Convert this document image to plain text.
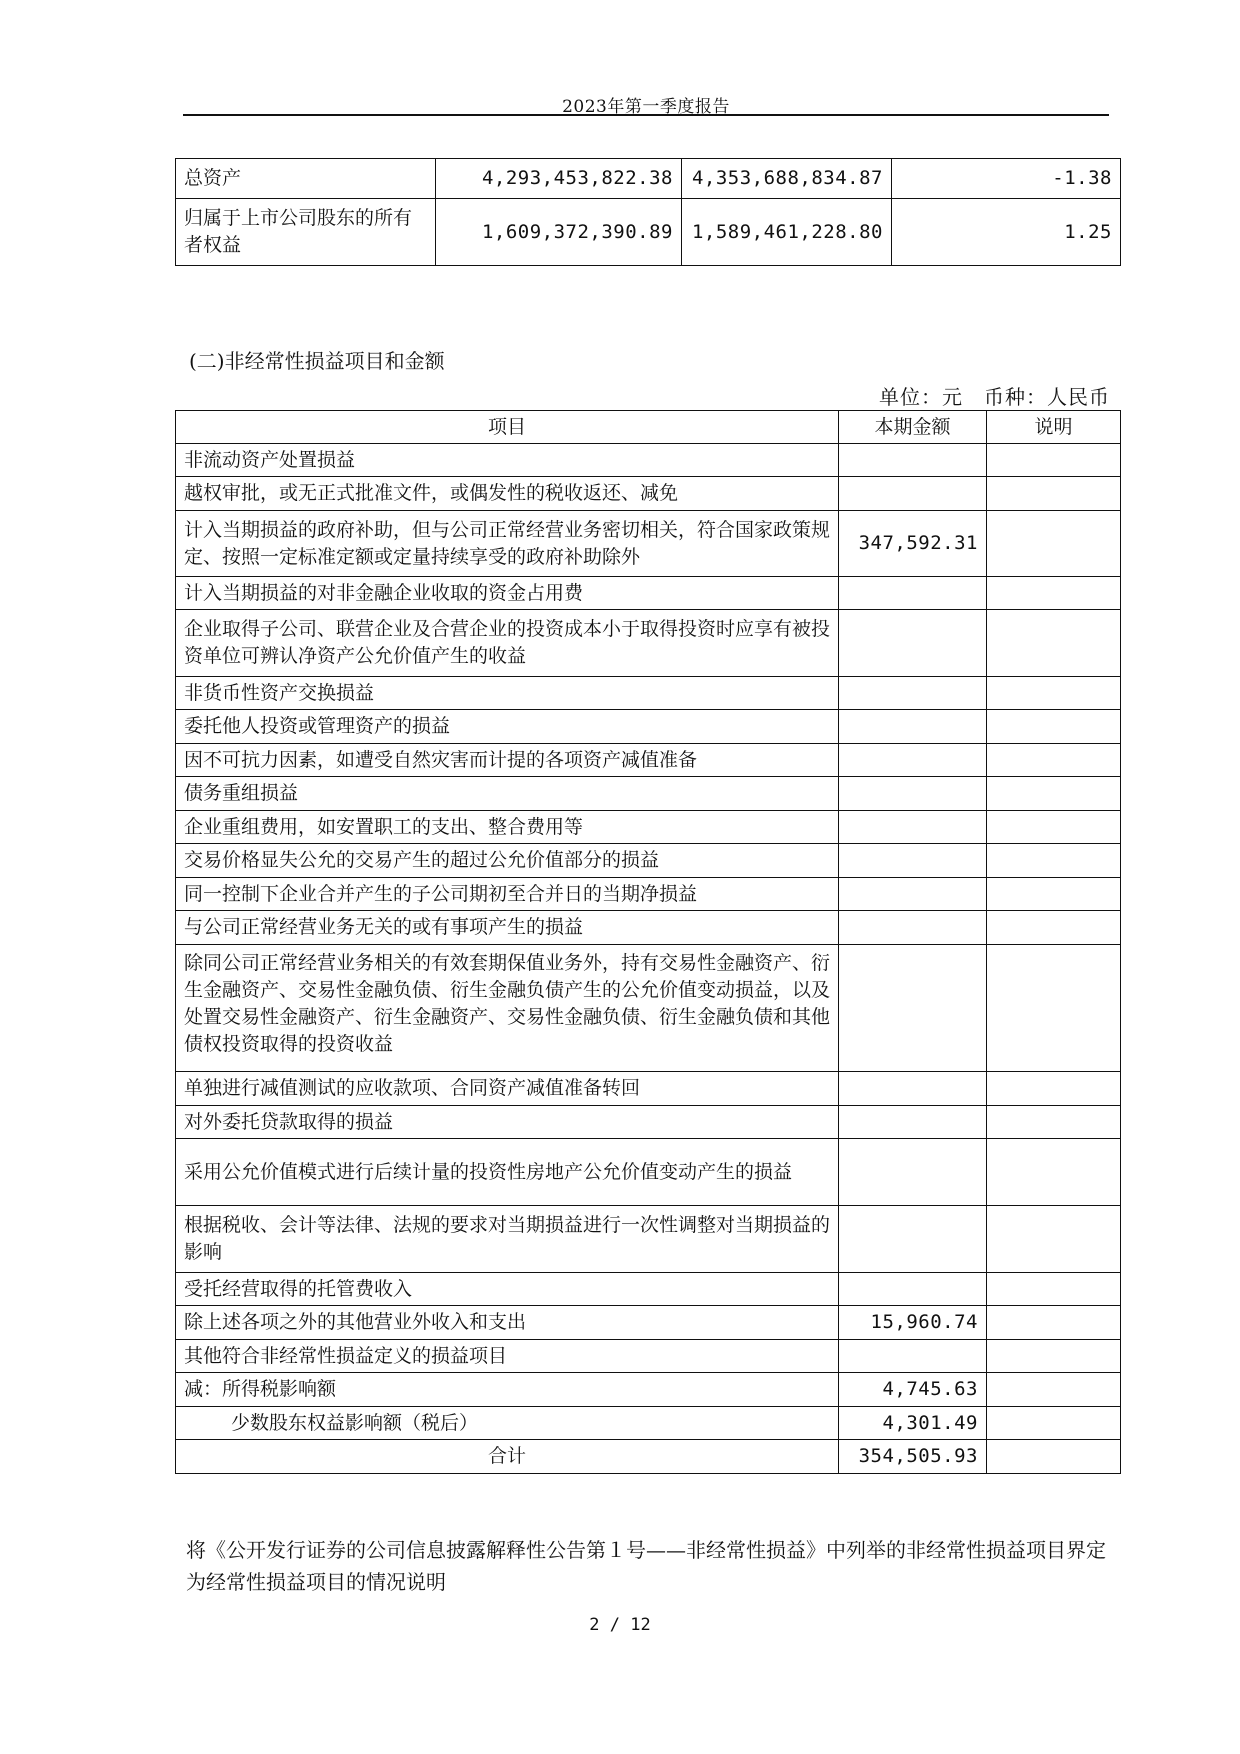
2023年第一季度报告
总资产	4,293,453,822.38	4,353,688,834.87	-1.38
归属于上市公司股东的所有者权益	1,609,372,390.89	1,589,461,228.80	1.25
(二)非经常性损益项目和金额
单位：元　币种：人民币
项目	本期金额	说明
非流动资产处置损益		
越权审批，或无正式批准文件，或偶发性的税收返还、减免		
计入当期损益的政府补助，但与公司正常经营业务密切相关，符合国家政策规定、按照一定标准定额或定量持续享受的政府补助除外	347,592.31	
计入当期损益的对非金融企业收取的资金占用费		
企业取得子公司、联营企业及合营企业的投资成本小于取得投资时应享有被投资单位可辨认净资产公允价值产生的收益		
非货币性资产交换损益		
委托他人投资或管理资产的损益		
因不可抗力因素，如遭受自然灾害而计提的各项资产减值准备		
债务重组损益		
企业重组费用，如安置职工的支出、整合费用等		
交易价格显失公允的交易产生的超过公允价值部分的损益		
同一控制下企业合并产生的子公司期初至合并日的当期净损益		
与公司正常经营业务无关的或有事项产生的损益		
除同公司正常经营业务相关的有效套期保值业务外，持有交易性金融资产、衍生金融资产、交易性金融负债、衍生金融负债产生的公允价值变动损益，以及处置交易性金融资产、衍生金融资产、交易性金融负债、衍生金融负债和其他债权投资取得的投资收益		
单独进行减值测试的应收款项、合同资产减值准备转回		
对外委托贷款取得的损益		
采用公允价值模式进行后续计量的投资性房地产公允价值变动产生的损益		
根据税收、会计等法律、法规的要求对当期损益进行一次性调整对当期损益的影响		
受托经营取得的托管费收入		
除上述各项之外的其他营业外收入和支出	15,960.74	
其他符合非经常性损益定义的损益项目		
减：所得税影响额	4,745.63	
少数股东权益影响额（税后）	4,301.49	
合计	354,505.93	
将《公开发行证券的公司信息披露解释性公告第１号——非经常性损益》中列举的非经常性损益项目界定为经常性损益项目的情况说明
2 / 12
